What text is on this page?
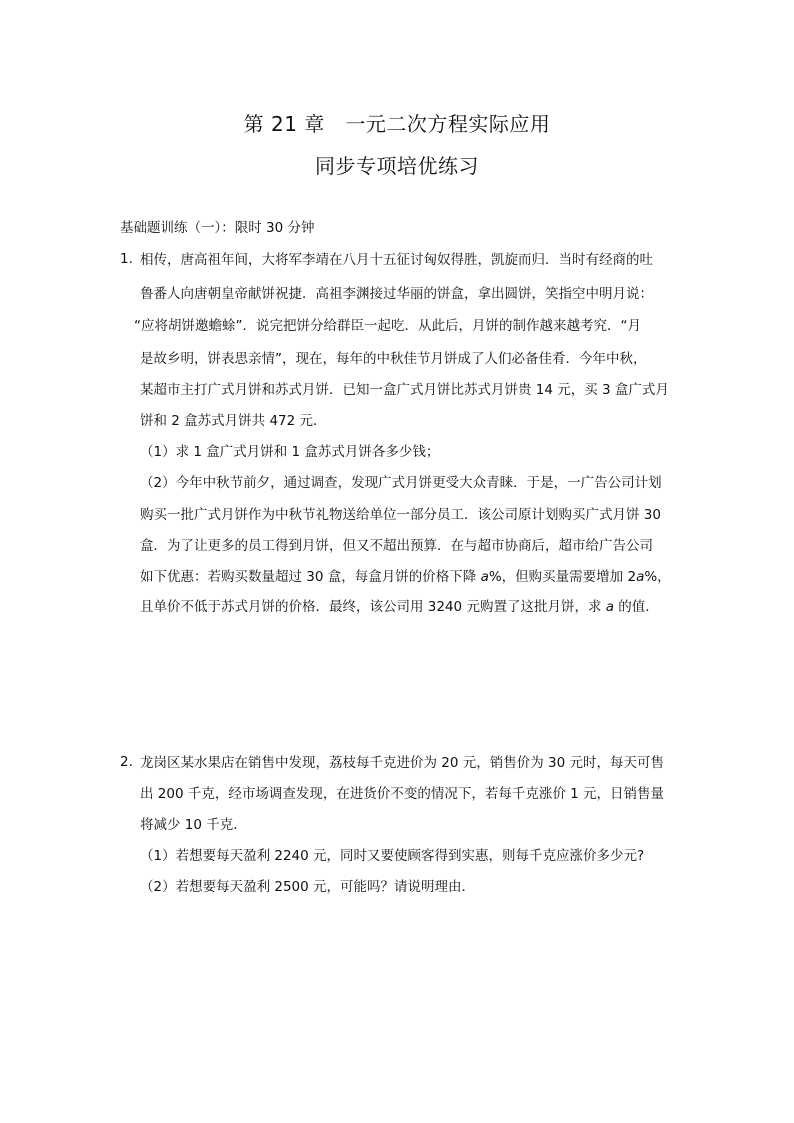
第 21 章　一元二次方程实际应用
同步专项培优练习
基础题训练（一）：限时 30 分钟
1. 相传，唐高祖年间，大将军李靖在八月十五征讨匈奴得胜，凯旋而归．当时有经商的吐
鲁番人向唐朝皇帝献饼祝捷．高祖李渊接过华丽的饼盒，拿出圆饼，笑指空中明月说：
“应将胡饼邀蟾蜍”．说完把饼分给群臣一起吃．从此后，月饼的制作越来越考究．“月
是故乡明，饼表思亲情”，现在，每年的中秋佳节月饼成了人们必备佳肴．今年中秋，
某超市主打广式月饼和苏式月饼．已知一盒广式月饼比苏式月饼贵 14 元，买 3 盒广式月
饼和 2 盒苏式月饼共 472 元．
（1）求 1 盒广式月饼和 1 盒苏式月饼各多少钱；
（2）今年中秋节前夕，通过调查，发现广式月饼更受大众青睐．于是，一广告公司计划
购买一批广式月饼作为中秋节礼物送给单位一部分员工．该公司原计划购买广式月饼 30
盒．为了让更多的员工得到月饼，但又不超出预算．在与超市协商后，超市给广告公司
如下优惠：若购买数量超过 30 盒，每盒月饼的价格下降 a%，但购买量需要增加 2a%，
且单价不低于苏式月饼的价格．最终，该公司用 3240 元购置了这批月饼，求 a 的值．
2. 龙岗区某水果店在销售中发现，荔枝每千克进价为 20 元，销售价为 30 元时，每天可售
出 200 千克，经市场调查发现，在进货价不变的情况下，若每千克涨价 1 元，日销售量
将减少 10 千克．
（1）若想要每天盈利 2240 元，同时又要使顾客得到实惠，则每千克应涨价多少元?
（2）若想要每天盈利 2500 元，可能吗？请说明理由．
